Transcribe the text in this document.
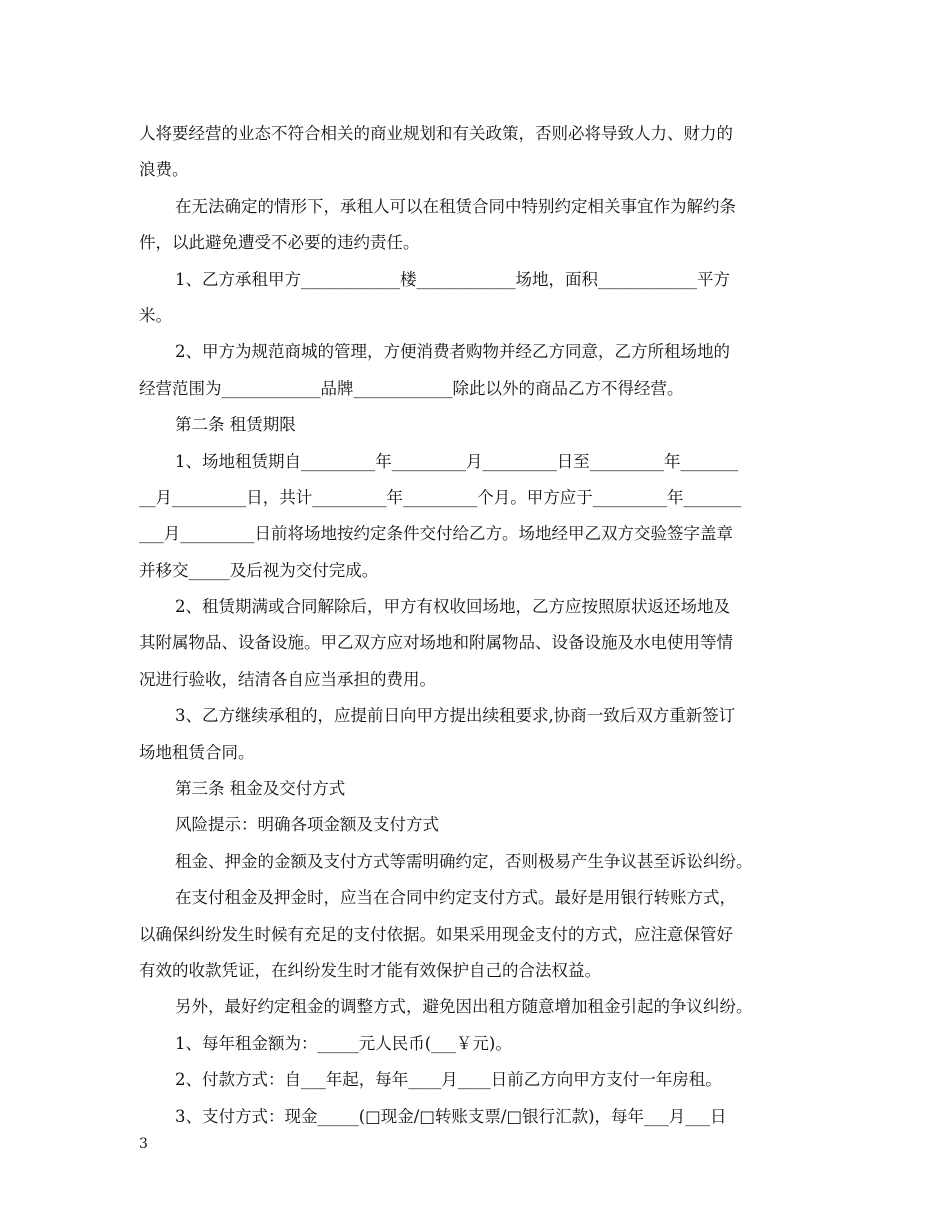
人将要经营的业态不符合相关的商业规划和有关政策，否则必将导致人力、财力的
浪费。
在无法确定的情形下，承租人可以在租赁合同中特别约定相关事宜作为解约条
件，以此避免遭受不必要的违约责任。
1、乙方承租甲方____________楼____________场地，面积____________平方
米。
2、甲方为规范商城的管理，方便消费者购物并经乙方同意，乙方所租场地的
经营范围为____________品牌____________除此以外的商品乙方不得经营。
第二条 租赁期限
1、场地租赁期自_________年_________月_________日至_________年_______
__月_________日，共计_________年_________个月。甲方应于_________年_______
___月_________日前将场地按约定条件交付给乙方。场地经甲乙双方交验签字盖章
并移交_____及后视为交付完成。
2、租赁期满或合同解除后，甲方有权收回场地，乙方应按照原状返还场地及
其附属物品、设备设施。甲乙双方应对场地和附属物品、设备设施及水电使用等情
况进行验收，结清各自应当承担的费用。
3、乙方继续承租的，应提前日向甲方提出续租要求,协商一致后双方重新签订
场地租赁合同。
第三条 租金及交付方式
风险提示：明确各项金额及支付方式
租金、押金的金额及支付方式等需明确约定，否则极易产生争议甚至诉讼纠纷。
在支付租金及押金时，应当在合同中约定支付方式。最好是用银行转账方式，
以确保纠纷发生时候有充足的支付依据。如果采用现金支付的方式，应注意保管好
有效的收款凭证，在纠纷发生时才能有效保护自己的合法权益。
另外，最好约定租金的调整方式，避免因出租方随意增加租金引起的争议纠纷。
1、每年租金额为：_____元人民币(___￥元)。
2、付款方式：自___年起，每年____月____日前乙方向甲方支付一年房租。
3、支付方式：现金_____(□现金/□转账支票/□银行汇款)，每年___月___日
3
